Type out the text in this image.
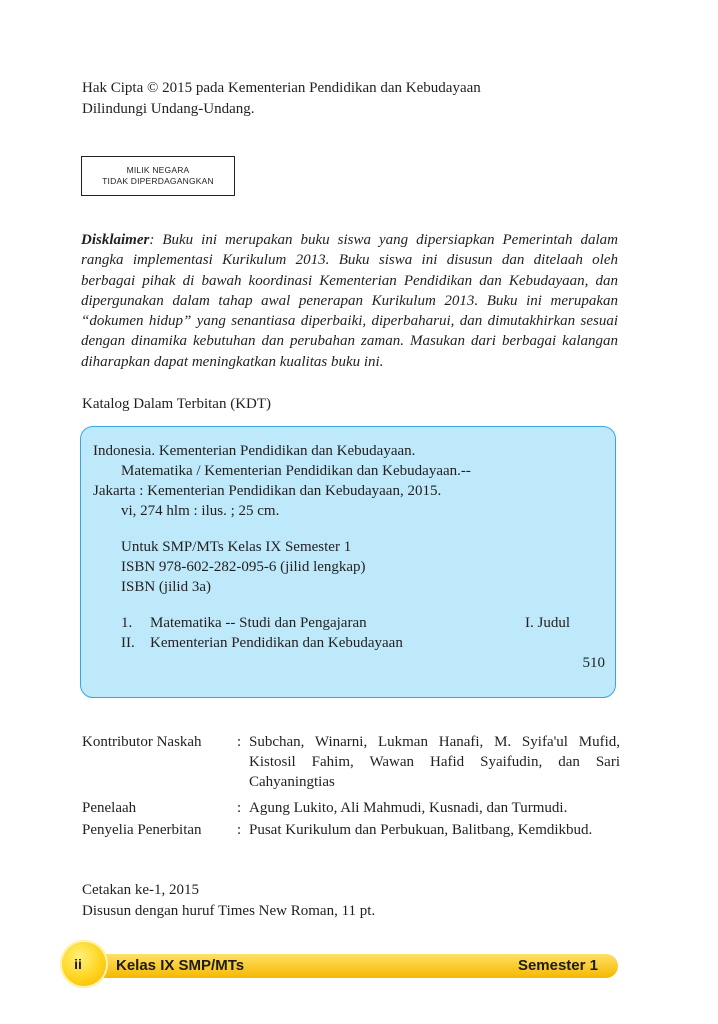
Hak Cipta © 2015 pada Kementerian Pendidikan dan Kebudayaan
Dilindungi Undang-Undang.
MILIK NEGARA
TIDAK DIPERDAGANGKAN
Disklaimer: Buku ini merupakan buku siswa yang dipersiapkan Pemerintah dalam rangka implementasi Kurikulum 2013. Buku siswa ini disusun dan ditelaah oleh berbagai pihak di bawah koordinasi Kementerian Pendidikan dan Kebudayaan, dan dipergunakan dalam tahap awal penerapan Kurikulum 2013. Buku ini merupakan “dokumen hidup” yang senantiasa diperbaiki, diperbaharui, dan dimutakhirkan sesuai dengan dinamika kebutuhan dan perubahan zaman. Masukan dari berbagai kalangan diharapkan dapat meningkatkan kualitas buku ini.
Katalog Dalam Terbitan (KDT)
Indonesia. Kementerian Pendidikan dan Kebudayaan.
Matematika / Kementerian Pendidikan dan Kebudayaan.--
Jakarta : Kementerian Pendidikan dan Kebudayaan, 2015.
vi, 274 hlm : ilus. ; 25 cm.
Untuk SMP/MTs Kelas IX Semester 1
ISBN 978-602-282-095-6 (jilid lengkap)
ISBN (jilid 3a)
1. Matematika -- Studi dan Pengajaran	I. Judul
II. Kementerian Pendidikan dan Kebudayaan
510
Kontributor Naskah	: Subchan, Winarni, Lukman Hanafi, M. Syifa'ul Mufid, Kistosil Fahim, Wawan Hafid Syaifudin, dan Sari Cahyaningtias
Penelaah	: Agung Lukito, Ali Mahmudi, Kusnadi, dan Turmudi.
Penyelia Penerbitan	: Pusat Kurikulum dan Perbukuan, Balitbang, Kemdikbud.
Cetakan ke-1, 2015
Disusun dengan huruf Times New Roman, 11 pt.
Kelas IX SMP/MTs	Semester 1
ii
